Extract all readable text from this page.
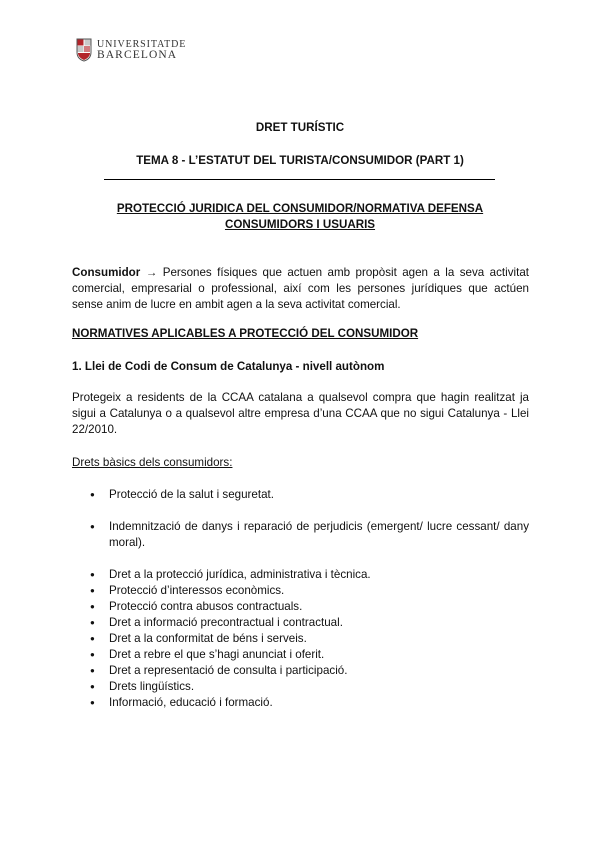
UNIVERSITATDE
BARCELONA
DRET TURÍSTIC
TEMA 8 - L’ESTATUT DEL TURISTA/CONSUMIDOR (PART 1)
PROTECCIÓ JURIDICA DEL CONSUMIDOR/NORMATIVA DEFENSA
CONSUMIDORS I USUARIS
Consumidor → Persones físiques que actuen amb propòsit agen a la seva activitat comercial, empresarial o professional, així com les persones jurídiques que actúen sense anim de lucre en ambit agen a la seva activitat comercial.
NORMATIVES APLICABLES A PROTECCIÓ DEL CONSUMIDOR
1. Llei de Codi de Consum de Catalunya - nivell autònom
Protegeix a residents de la CCAA catalana a qualsevol compra que hagin realitzat ja sigui a Catalunya o a qualsevol altre empresa d’una CCAA que no sigui Catalunya - Llei 22/2010.
Drets bàsics dels consumidors:
● Protecció de la salut i seguretat.
● Indemnització de danys i reparació de perjudicis (emergent/ lucre cessant/ dany moral).
● Dret a la protecció jurídica, administrativa i tècnica.
● Protecció d’interessos econòmics.
● Protecció contra abusos contractuals.
● Dret a informació precontractual i contractual.
● Dret a la conformitat de béns i serveis.
● Dret a rebre el que s’hagi anunciat i oferit.
● Dret a representació de consulta i participació.
● Drets lingüístics.
● Informació, educació i formació.
